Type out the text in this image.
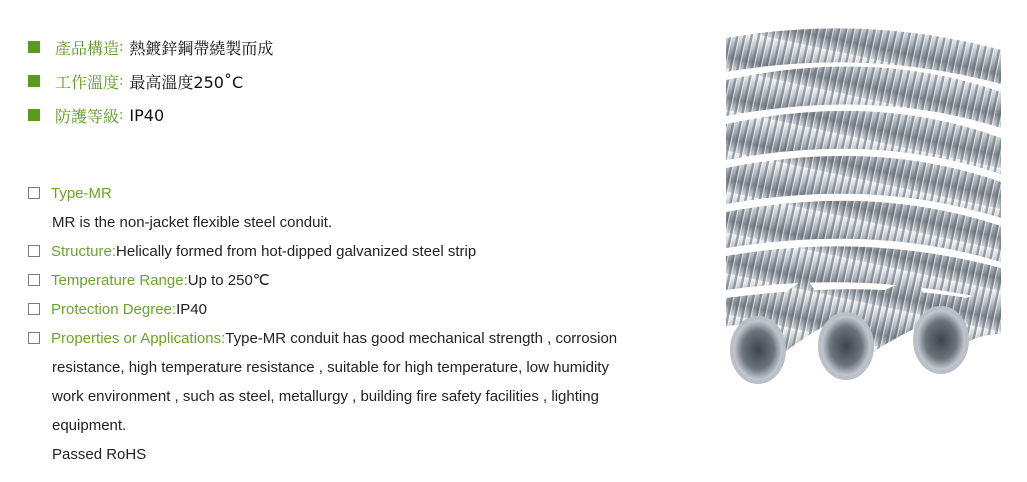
產品構造 : 熱鍍鋅鋼帶繞製而成
工作溫度 : 最高溫度250˚C
防護等級 : IP40
Type-MR
MR is the non-jacket flexible steel conduit.
Structure:Helically formed from hot-dipped galvanized steel strip
Temperature Range:Up to 250℃
Protection Degree:IP40
Properties or Applications:Type-MR conduit has good mechanical strength , corrosion
resistance, high temperature resistance , suitable for high temperature, low humidity
work environment , such as steel, metallurgy , building fire safety facilities , lighting
equipment.
Passed RoHS
